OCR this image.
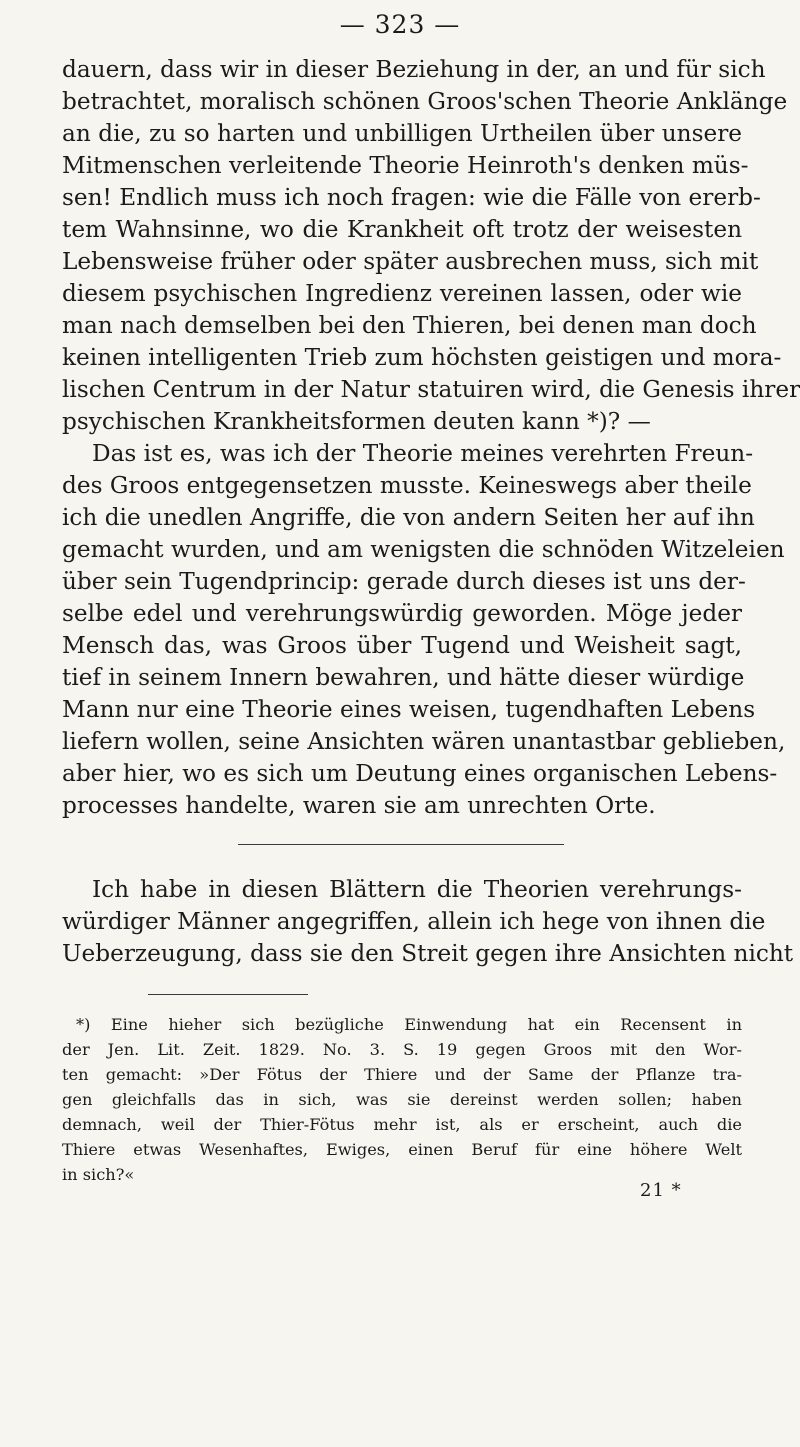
— 323 —
dauern, dass wir in dieser Beziehung in der, an und für sich
betrachtet, moralisch schönen Groos'schen Theorie Anklänge
an die, zu so harten und unbilligen Urtheilen über unsere
Mitmenschen verleitende Theorie Heinroth's denken müs-
sen! Endlich muss ich noch fragen: wie die Fälle von ererb-
tem Wahnsinne, wo die Krankheit oft trotz der weisesten
Lebensweise früher oder später ausbrechen muss, sich mit
diesem psychischen Ingredienz vereinen lassen, oder wie
man nach demselben bei den Thieren, bei denen man doch
keinen intelligenten Trieb zum höchsten geistigen und mora-
lischen Centrum in der Natur statuiren wird, die Genesis ihrer
psychischen Krankheitsformen deuten kann *)? —
Das ist es, was ich der Theorie meines verehrten Freun-
des Groos entgegensetzen musste. Keineswegs aber theile
ich die unedlen Angriffe, die von andern Seiten her auf ihn
gemacht wurden, und am wenigsten die schnöden Witzeleien
über sein Tugendprincip: gerade durch dieses ist uns der-
selbe edel und verehrungswürdig geworden. Möge jeder
Mensch das, was Groos über Tugend und Weisheit sagt,
tief in seinem Innern bewahren, und hätte dieser würdige
Mann nur eine Theorie eines weisen, tugendhaften Lebens
liefern wollen, seine Ansichten wären unantastbar geblieben,
aber hier, wo es sich um Deutung eines organischen Lebens-
processes handelte, waren sie am unrechten Orte.
Ich habe in diesen Blättern die Theorien verehrungs-
würdiger Männer angegriffen, allein ich hege von ihnen die
Ueberzeugung, dass sie den Streit gegen ihre Ansichten nicht
*) Eine hieher sich bezügliche Einwendung hat ein Recensent in
der Jen. Lit. Zeit. 1829. No. 3. S. 19 gegen Groos mit den Wor-
ten gemacht: »Der Fötus der Thiere und der Same der Pflanze tra-
gen gleichfalls das in sich, was sie dereinst werden sollen; haben
demnach, weil der Thier-Fötus mehr ist, als er erscheint, auch die
Thiere etwas Wesenhaftes, Ewiges, einen Beruf für eine höhere Welt
in sich?«
21 *
